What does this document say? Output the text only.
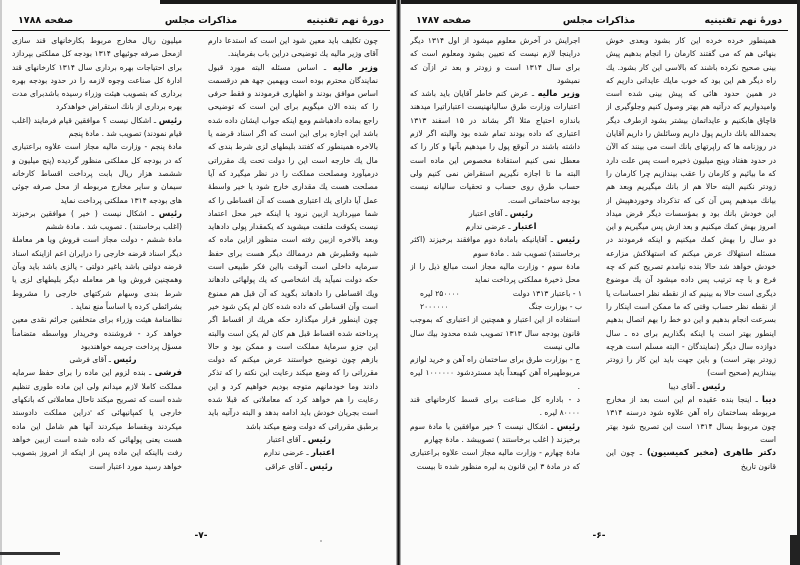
دورهٔ نهم تقنینیه
مذاکرات مجلس
صفحه ۱۷۸۸

چون تکلیف باید معین شود این است که استدعا دارم آقای وزیر مالیه یك توضیحی دراین باب بفرمایند.

وزیر مالیه ـ اساس مسئله البته مورد قبول نمایندگان محترم بوده است وبهمین جهة هم درقسمت اساس موافق بودند و اظهاری فرمودند و فقط حرفی را که بنده الان میگویم برای این است که توضیحی راجع بماده دادهباشم ومع اینکه جواب ایشان داده شده باشد این اجازه برای این است که اگر اسناد قرضه یا بالاخره همینطور که کفتند بلیطهای لزی شرط بندی که مال یك خارجه است این را دولت تحت یك مقرراتی درمیآورد ومصلحت مملکت را در نظر میگیرد که آیا مصلحت هست یك مقداری خارج شود یا خیر واسطهٔ عمل آیا دارای یك اعتباری هست که آن اقساطی را که شما میپردازید ازبین نرود یا اینکه خیر محل اعتماد نیست یکوقت ملتفت میشوید که یکمقدار پولی دادهاید وبعد بالاخره ازبین رفته است منظور ازاین ماده که شبیه وقطیرش هم درممالك دیگر هست برای حفظ سرمایه داخلی است آنوقت بااین فکر طبیعی است حکه دولت نمیآید یك اشخاصی که یك پولهائی دادهاند ویك اقساطی را دادهاند بگوید که آن قبل هم ممنوع است وآن اقساطی که داده شده کان لم یکن شود خیر چون اینطور قرار میگذارد حکه هریك از اقساط اگر پرداخته شده اقساط قبل هم کان لم یکن است والبته این جزو سرمایهٔ مملکت است و ممکن بود و حالا بازهم چون توضیح خواستند عرض میکنم که دولت مقرراتی را که وضع میکند رعایت این نکته را که تذکر دادند وما خودمانهم متوجه بودیم خواهیم کرد و این رعایت را هم خواهد کرد که معاملاتی که قبلا شده است بجریان خودش باید ادامه بدهد و البته درآتیه باید برطبق مقرراتی که دولت وضع میکند باشد

رئیس ـ آقای اعتبار

اعتبار ـ عرضی ندارم

رئیس ـ آقای عراقی

میلیون ریال مخارج مربوط بکارخانهای قند سازی ازمحل صرفه جوئیهای ۱۳۱۴ بودجه کل مملکتی بپردازد برای احتیاجات بهره برداری سال ۱۳۱۴ کارخانهای قند ادارهٔ کل صناعت وجوه لازمه را در حدود بودجه بهره برداری که بتصویب هیئت وزراء رسیده باشدبرای مدت بهره برداری از بانك استقراض خواهدکرد

رئیس ـ اشکال نیست ؟ موافقین قیام فرمایند (اغلب قیام نمودند) تصویب شد . مادهٔ پنجم

مادهٔ پنجم - وزارت مالیه مجاز است علاوه براعتباری که در بودجه کل مملکتی منظور گردیده (پنج میلیون و ششصد هزار ریال بابت پرداخت اقساط کارخانه سیمان و سایر مخارج مربوطه از محل صرفه جوئی های بودجه ۱۳۱۴ مملکتی پرداخت نماید

رئیس ـ اشکال نیست ( خیر ) موافقین برخیزند (اغلب برخاستند) . تصویب شد . مادهٔ ششم

مادهٔ ششم - دولت مجاز است فروش ویا هر معاملهٔ دیگر اسناد قرضه خارجی را درایران اعم ازاینکه اسناد قرضه دولتی باشد یاغیر دولتی - یالزی باشد باید وبآن وهمچنین فروش ویا هر معامله دیگر بلیطهای لزی یا شرط بندی وسهام شرکتهای خارجی را مشروط بشرائطی کرده یا اساساً منع نماید .

نظامنامهٔ هیئت وزراء برای متخلفین جرائم نقدی معین خواهد کرد - فروشنده وخریدار وواسطه متضامناً مسؤل پرداخت جریمه خواهندبود

رئیس ـ آقای فرشی

فرشی ـ بنده لزوم این ماده را برای حفظ سرمایه مملکت کاملا لازم میدانم ولی این ماده طوری تنظیم شده است که تصریح میکند تاحال معاملاتی که بانکهای خارجی یا کمپانیهائی که دراین مملکت دادوستد میکردند وبقساط میکردند آنها هم شامل این ماده هست یعنی پولهائی که داده شده است ازبین خواهد رفت بااینکه این ماده پس از اینکه از امروز بتصویب خواهد رسید مورد اعتبار است

-۷-
دورهٔ نهم تقنینیه
مذاکرات مجلس
صفحه ۱۷۸۷

همینطور خرده خرده این کار بشود وبعدی خوش بنهائی هم که می گفتند کارمان را انجام بدهیم پیش بینی صحیح نکرده باشند که بالاسی این کار بشود. یك راه دیگر هم این بود که خوب مایك عایداتی داریم که در همین حدود هائی که پیش بینی شده است وامیدواریم که درآتیه هم بهتر وصول کنیم وجلوگیری از قاچاق هابکنیم و عایداتمان بیشتر بشود ازطرف دیگر بحمدالله بانك داریم پول داریم وسائلش را داریم آقایان در روزنامه ها که راپرتهای بانك است می بینند که الآن در حدود هفتاد وپنج میلیون ذخیره است پس علت دارد که ما بیائیم و کارمان را عقب بیندازیم چرا کارمان را زودتر نکنیم البته حالا هم از بانك میگیریم وبعد هم بیانك میدهیم پس آن کی که تذکرداد وخوردهپیش از این خودش بانك بود و بمؤسسات دیگر قرض میداد امروز بهش کمك میکنیم و بعد ازش پس میگیریم و این دو سال را بهش کمك میکنیم و اینکه فرمودند در مسئله استهلاك عرض میکنم که استهلاكش مزارعه خودش خواهد شد حالا بنده نیامدم تصریح کنم که چه فرع و با چه ترتیب پس داده میشود آن یك موضوع دیگری است حالا به بینیم که از نقطه نظر احساسات یا از نقطه نظر حساب وقتی که ما ممکن است اینکار را بسرعت انجام بدهیم و این دو خط را بهم اتصال بدهیم اینطور بهتر است یا اینکه بگذاریم برای ده ـ سال دوازده سال دیگر (نمایندگان - البته مسلم است هرچه زودتر بهتر است) و باین جهت باید این کار را زودتر بیندازیم (صحیح است)

رئیس ـ آقای دیبا

دیبا ـ اینجا بنده عقیده ام این است بعد از مخارج مربوطه بساختمان راه آهن علاوه شود درسنه ۱۳۱۴ چون مربوط بسال ۱۳۱۴ است این تصریح شود بهتر است

دکتر طاهری (مخبر کمیسیون) ـ چون این قانون تاریخ

اجرایش در آخرش معلوم میشود از اول ۱۳۱۴ دیگر دراینجا لازم نیست که تعیین بشود ومعلوم است که برای سال ۱۳۱۴ است و زودتر و بعد تر ازآن که نمیشود

وزیر مالیه ـ عرض کنم خاطر آقایان باید باشد که اعتبارات وزارت طرق سالیانهنیست اعتباراتیرا میدهند باندازه احتیاج مثلا اگر بشاند در ۱۵ اسفند ۱۳۱۳ اعتباری که داده بودند تمام شده بود والبته اگر لازم داشته باشند در آنوقع پول را میدهیم بآنها و کار را که معطل نمی کنیم استفادهٔ مخصوص این ماده است البته ما تا اجازه نگیریم استقراض نمی کنیم ولی حساب طرق روی حساب و تحقیات سالیانه نیست بودجه ساختمانی است.

رئیس ـ آقای اعتبار

اعتبار ـ عرضی ندارم

رئیس ـ آقایانیکه بامادهٔ دوم موافقند برخیزند (اکثر برخاستند) تصویب شد . مادهٔ سوم

مادهٔ سوم - وزارت مالیه مجاز است مبالغ ذیل را از محل ذخیرهٔ مملکتی پرداخت نماید

۱ - باعتبار ۱۳۱۳ دولت
۲۵۰۰۰۰ لیره

ب - بوزارت جنگ
۲۰۰۰۰۰۰

استفاده از این اعتبار و همچنین از اعتباری که بموجب قانون بودجه سال ۱۳۱۳ تصویب شده محدود بیك سال مالی نیست

ج - بوزارت طرق برای ساختمان راه آهن و خرید لوازم مربوطهبراه آهن کهبعداً باید مستردشود ۱۰۰۰۰۰۰ لیره .

د - باداره کل صناعت برای قسط کارخانهای قند ۸۰۰۰۰ لیره .

رئیس ـ اشکال نیست ؟ خیر موافقین با مادهٔ سوم برخیزند ( اغلب برخاستند ) تصویبشد . مادهٔ چهارم

مادهٔ چهارم - وزارت مالیه مجاز است علاوه براعتباری که در مادهٔ ۳ این قانون به لیره منظور شده تا بیست

-۶-
